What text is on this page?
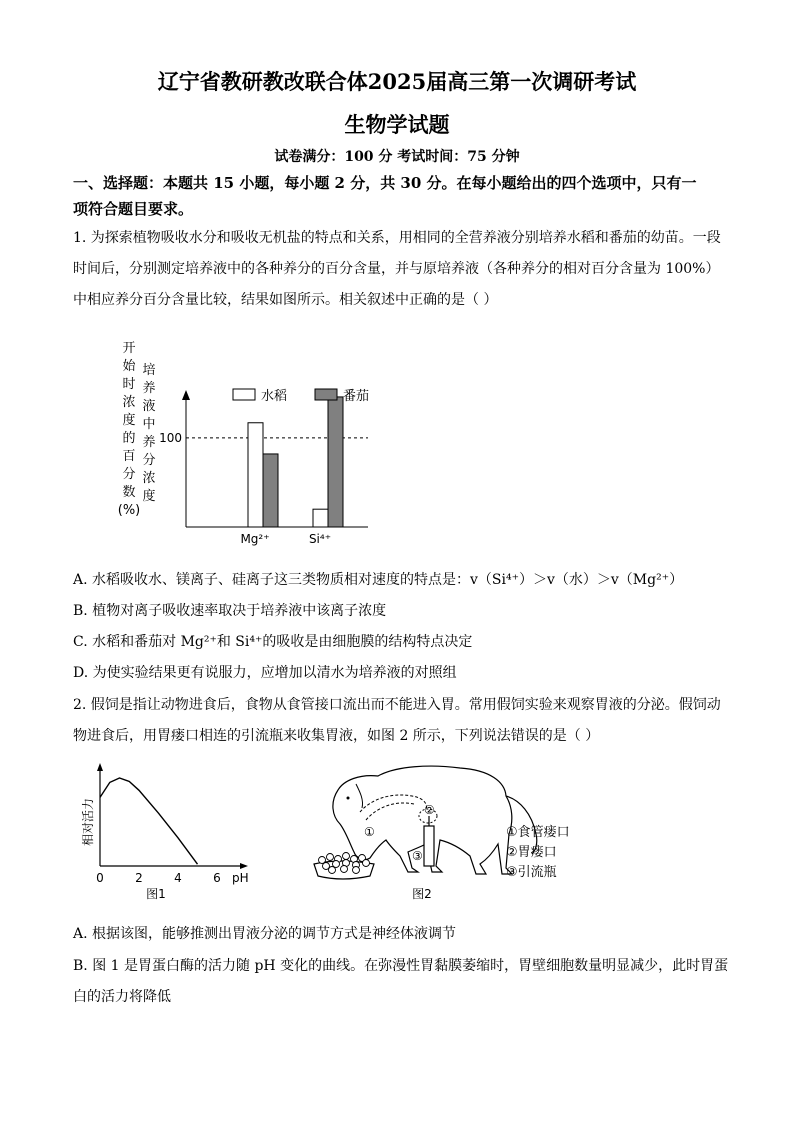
辽宁省教研教改联合体2025届高三第一次调研考试
生物学试题
试卷满分：100 分 考试时间：75 分钟
一、选择题：本题共 15 小题，每小题 2 分，共 30 分。在每小题给出的四个选项中，只有一
项符合题目要求。
1. 为探索植物吸收水分和吸收无机盐的特点和关系，用相同的全营养液分别培养水稻和番茄的幼苗。一段
时间后，分别测定培养液中的各种养分的百分含量，并与原培养液（各种养分的相对百分含量为 100%）
中相应养分百分含量比较，结果如图所示。相关叙述中正确的是（ ）
开
始
时
浓
度
的
百
分
数
(%)
培
养
液
中
养
分
浓
度
100
Mg²⁺	Si⁴⁺
水稻	番茄
A. 水稻吸收水、镁离子、硅离子这三类物质相对速度的特点是：v（Si⁴⁺）＞v（水）＞v（Mg²⁺）
B. 植物对离子吸收速率取决于培养液中该离子浓度
C. 水稻和番茄对 Mg²⁺和 Si⁴⁺的吸收是由细胞膜的结构特点决定
D. 为使实验结果更有说服力，应增加以清水为培养液的对照组
2. 假饲是指让动物进食后，食物从食管接口流出而不能进入胃。常用假饲实验来观察胃液的分泌。假饲动
物进食后，用胃瘘口相连的引流瓶来收集胃液，如图 2 所示，下列说法错误的是（ ）
相对活力
0	2	4	6 pH
图1
①
②
③
①食管瘘口
②胃瘘口
③引流瓶
图2
A. 根据该图，能够推测出胃液分泌的调节方式是神经体液调节
B. 图 1 是胃蛋白酶的活力随 pH 变化的曲线。在弥漫性胃黏膜萎缩时，胃壁细胞数量明显减少，此时胃蛋
白的活力将降低
